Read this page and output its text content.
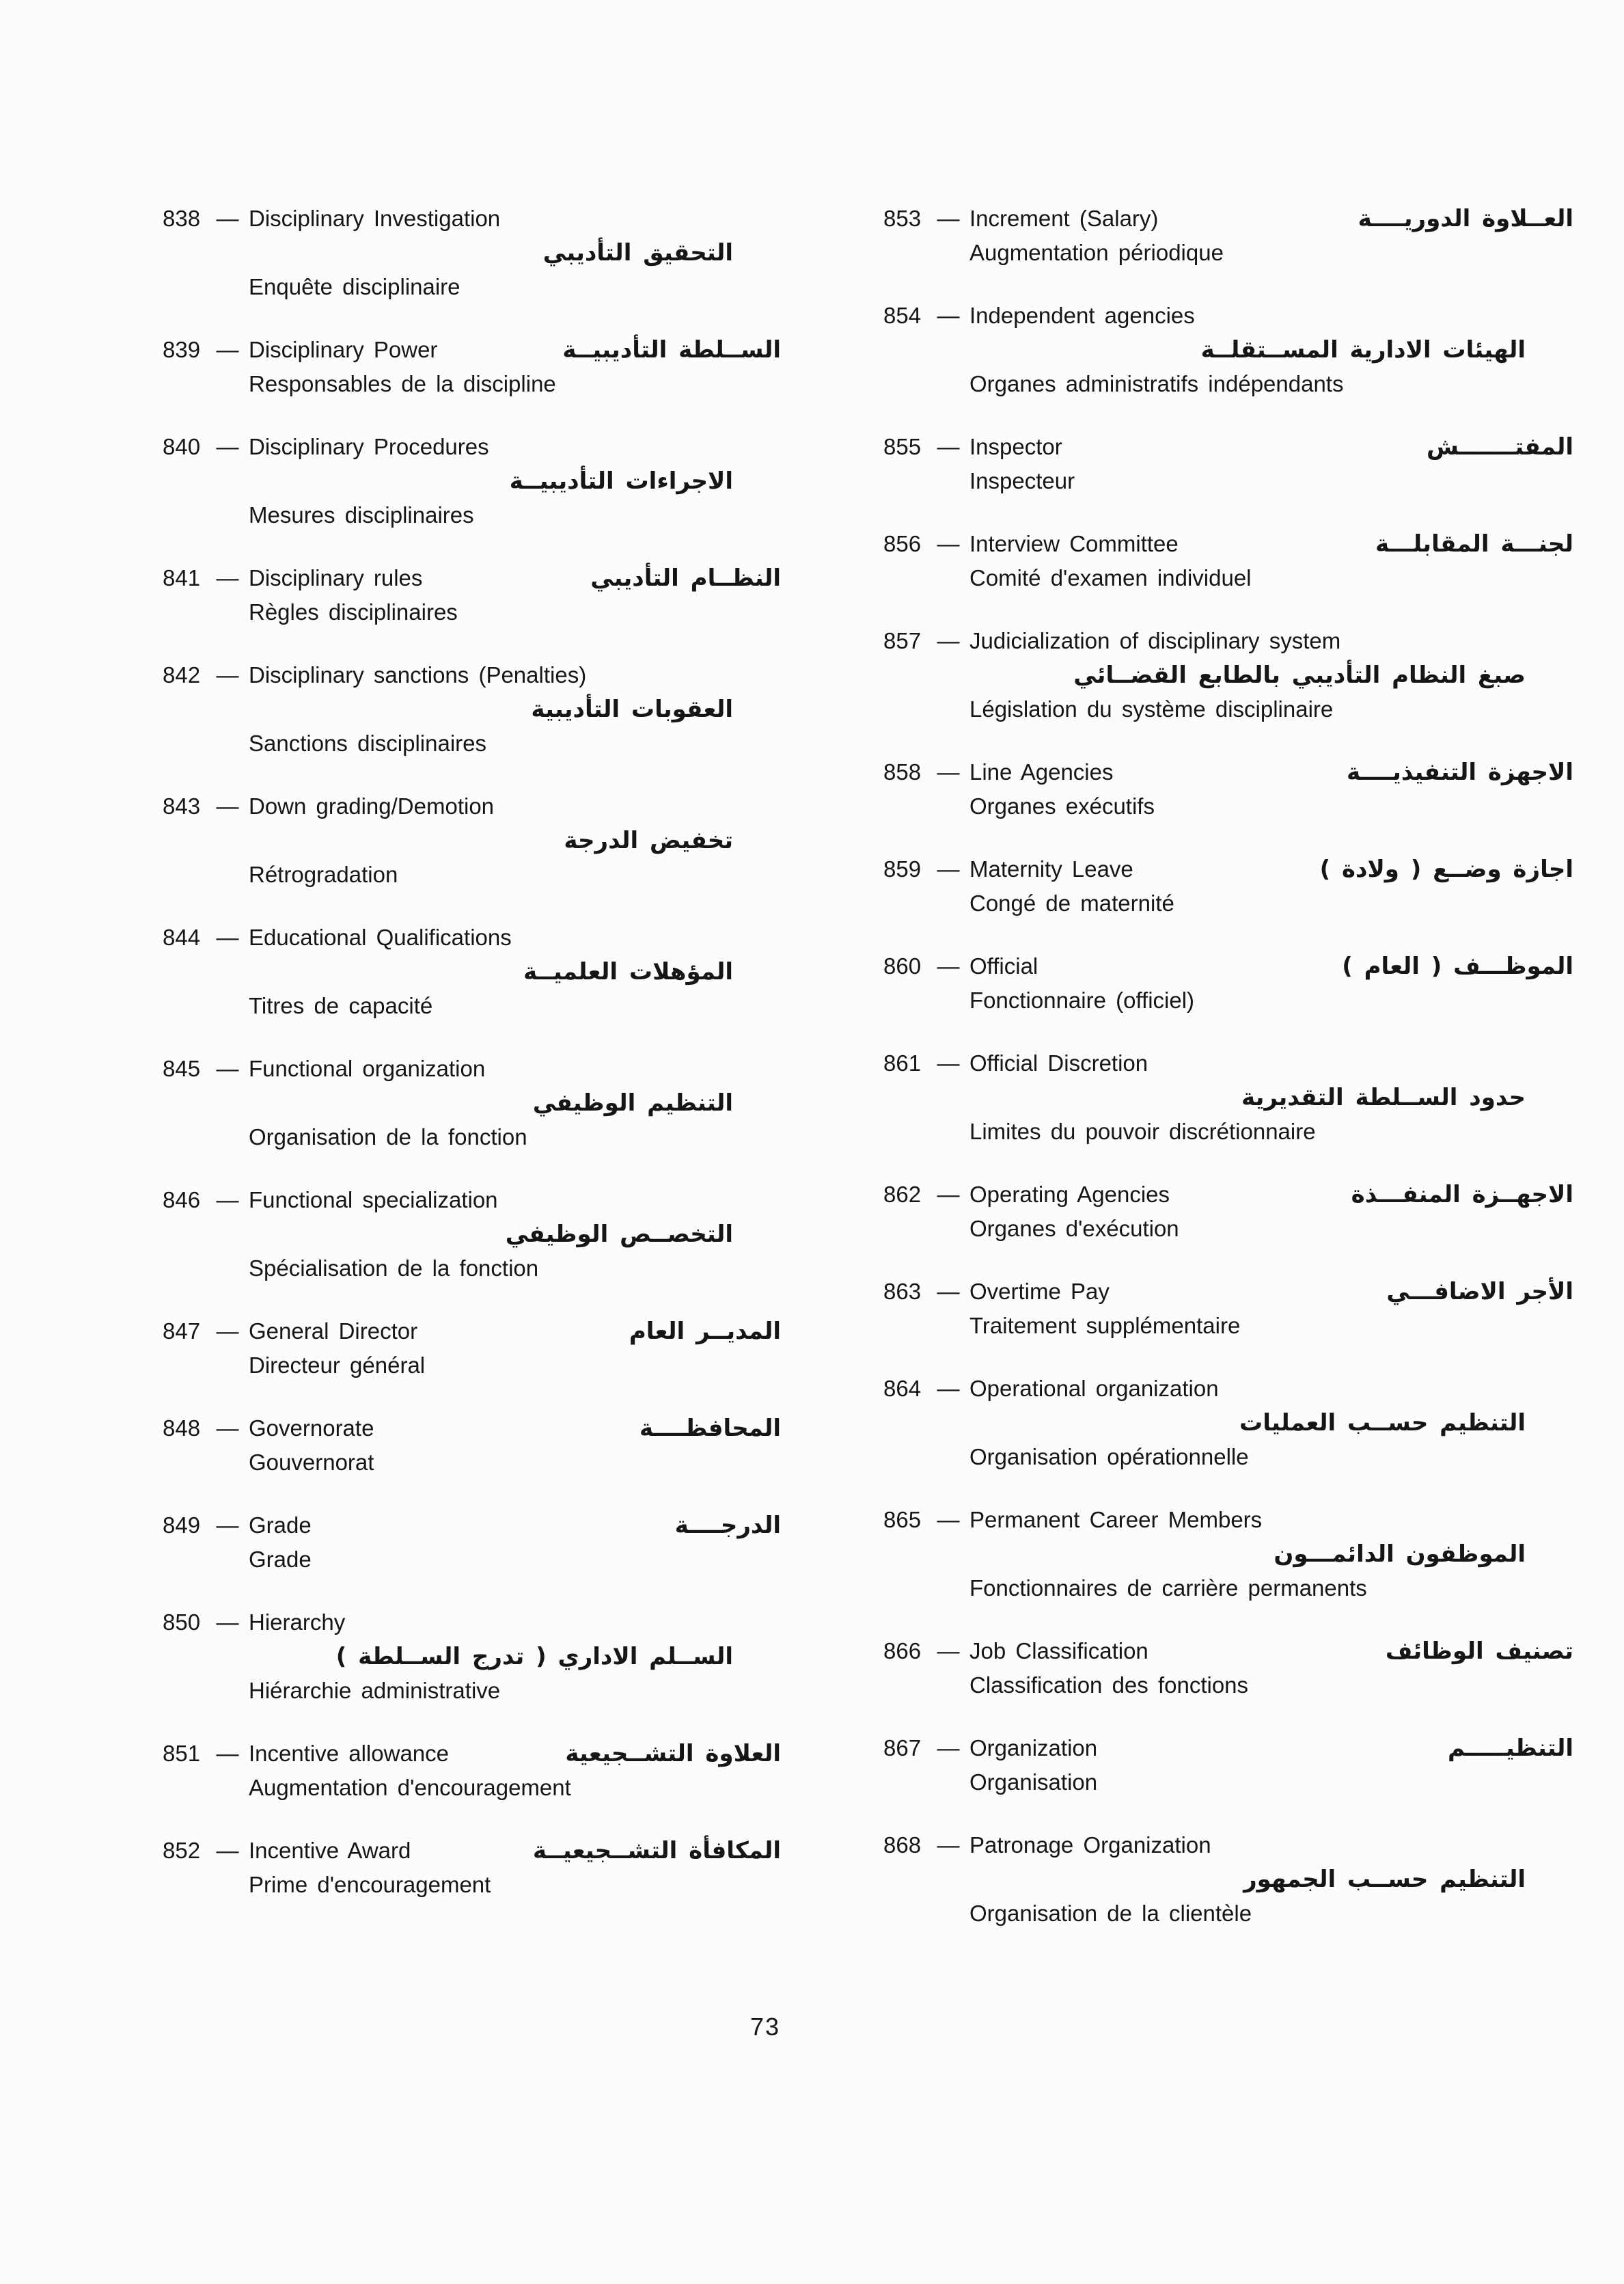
838 — Disciplinary Investigation
التحقيق التأديبي
Enquête disciplinaire
839 — Disciplinary Power	الســلطة التأديبيــة
Responsables de la discipline
840 — Disciplinary Procedures
الاجراءات التأديبيــة
Mesures disciplinaires
841 — Disciplinary rules	النظــام التأديبي
Règles disciplinaires
842 — Disciplinary sanctions (Penalties)
العقوبات التأديبية
Sanctions disciplinaires
843 — Down grading/Demotion
تخفيض الدرجة
Rétrogradation
844 — Educational Qualifications
المؤهلات العلميــة
Titres de capacité
845 — Functional organization
التنظيم الوظيفي
Organisation de la fonction
846 — Functional specialization
التخصــص الوظيفي
Spécialisation de la fonction
847 — General Director	المديــر العام
Directeur général
848 — Governorate	المحافظــــة
Gouvernorat
849 — Grade	الدرجــــة
Grade
850 — Hierarchy
الســلم الاداري ( تدرج الســلطة )
Hiérarchie administrative
851 — Incentive allowance	العلاوة التشــجيعية
Augmentation d'encouragement
852 — Incentive Award	المكافأة التشــجيعيــة
Prime d'encouragement
853 — Increment (Salary)	العــلاوة الدوريــــة
Augmentation périodique
854 — Independent agencies
الهيئات الادارية المســتقلــة
Organes administratifs indépendants
855 — Inspector	المفتـــــــش
Inspecteur
856 — Interview Committee	لجنـــة المقابلـــة
Comité d'examen individuel
857 — Judicialization of disciplinary system
صبغ النظام التأديبي بالطابع القضــائي
Législation du système disciplinaire
858 — Line Agencies	الاجهزة التنفيذيــــة
Organes exécutifs
859 — Maternity Leave	اجازة وضــع ( ولادة )
Congé de maternité
860 — Official	الموظـــف ( العام )
Fonctionnaire (officiel)
861 — Official Discretion
حدود الســلطة التقديرية
Limites du pouvoir discrétionnaire
862 — Operating Agencies	الاجهــزة المنفـــذة
Organes d'exécution
863 — Overtime Pay	الأجر الاضافـــي
Traitement supplémentaire
864 — Operational organization
التنظيم حســب العمليات
Organisation opérationnelle
865 — Permanent Career Members
الموظفون الدائمـــون
Fonctionnaires de carrière permanents
866 — Job Classification	تصنيف الوظائف
Classification des fonctions
867 — Organization	التنظيـــــم
Organisation
868 — Patronage Organization
التنظيم حســب الجمهور
Organisation de la clientèle
73
